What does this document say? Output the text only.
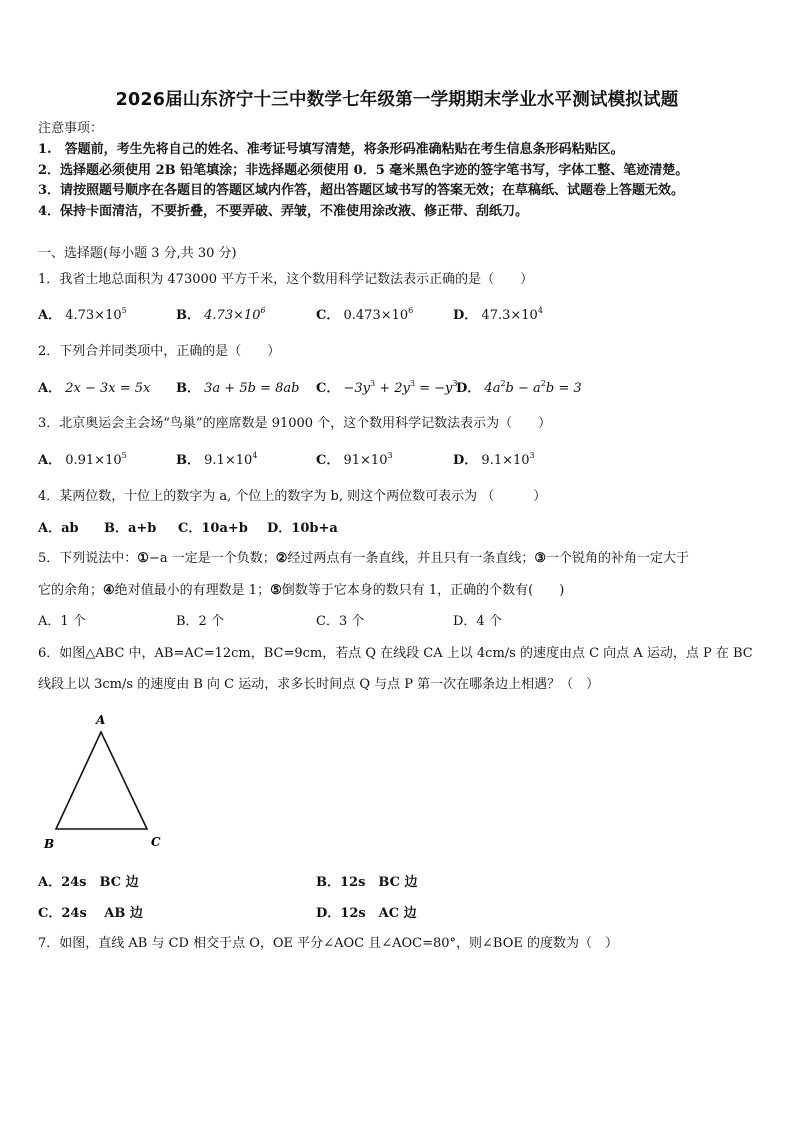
2026届山东济宁十三中数学七年级第一学期期末学业水平测试模拟试题
注意事项：
1.　答题前，考生先将自己的姓名、准考证号填写清楚，将条形码准确粘贴在考生信息条形码粘贴区。
2．选择题必须使用 2B 铅笔填涂；非选择题必须使用 0．5 毫米黑色字迹的签字笔书写，字体工整、笔迹清楚。
3．请按照题号顺序在各题目的答题区域内作答，超出答题区域书写的答案无效；在草稿纸、试题卷上答题无效。
4．保持卡面清洁，不要折叠，不要弄破、弄皱，不准使用涂改液、修正带、刮纸刀。
一、选择题(每小题 3 分,共 30 分)
1．我省土地总面积为 473000 平方千米，这个数用科学记数法表示正确的是（　　）
A． $4.73\times 10^5$	B． $4.73\times 10^6$	C． $0.473\times 10^6$	D． $47.3\times 10^4$
2．下列合并同类项中，正确的是（　　）
A． 2x − 3x = 5x B． 3a + 5b = 8ab C． $-3y^3 + 2y^3 = -y^3$
D． $4a^2b - a^2b = 3$
3．北京奥运会主会场“鸟巢”的座席数是 91000 个，这个数用科学记数法表示为（　　）
A． $0.91\times 10^5$	B． $9.1\times 10^4$	C． $91\times 10^3$	D． $9.1\times 10^3$
4．某两位数，十位上的数字为 a, 个位上的数字为 b, 则这个两位数可表示为 （　　　）
A．ab B．a+b C．10a+b D．10b+a
5．下列说法中：①−a 一定是一个负数；②经过两点有一条直线，并且只有一条直线；③一个锐角的补角一定大于
它的余角；④绝对值最小的有理数是 1；⑤倒数等于它本身的数只有 1，正确的个数有(　　)
A．1 个	B．2 个	C．3 个	D．4 个
6．如图△ABC 中，AB=AC=12cm，BC=9cm，若点 Q 在线段 CA 上以 4cm/s 的速度由点 C 向点 A 运动，点 P 在 BC
线段上以 3cm/s 的速度由 B 向 C 运动，求多长时间点 Q 与点 P 第一次在哪条边上相遇？（　）
A
B	C
A．24s　BC 边	B．12s　BC 边
C．24s　 AB 边	D．12s　AC 边
7．如图，直线 AB 与 CD 相交于点 O，OE 平分∠AOC 且∠AOC=80°，则∠BOE 的度数为（　）
